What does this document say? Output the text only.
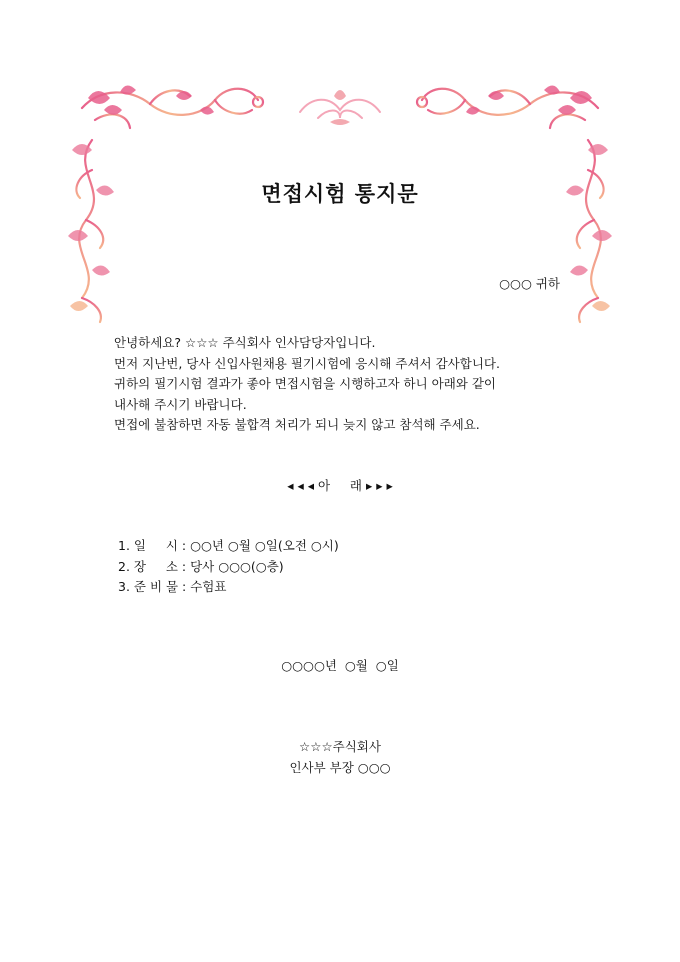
면접시험 통지문
○○○ 귀하
안녕하세요? ☆☆☆ 주식회사 인사담당자입니다.
먼저 지난번, 당사 신입사원채용 필기시험에 응시해 주셔서 감사합니다.
귀하의 필기시험 결과가 좋아 면접시험을 시행하고자 하니 아래와 같이
내사해 주시기 바랍니다.
면접에 불참하면 자동 불합격 처리가 되니 늦지 않고 참석해 주세요.
◂ ◂ ◂ 아     래 ▸ ▸ ▸
1. 일     시 : ○○년 ○월 ○일(오전 ○시)
2. 장     소 : 당사 ○○○(○층)
3. 준 비 물 : 수험표
○○○○년  ○월  ○일
☆☆☆주식회사
인사부 부장 ○○○
